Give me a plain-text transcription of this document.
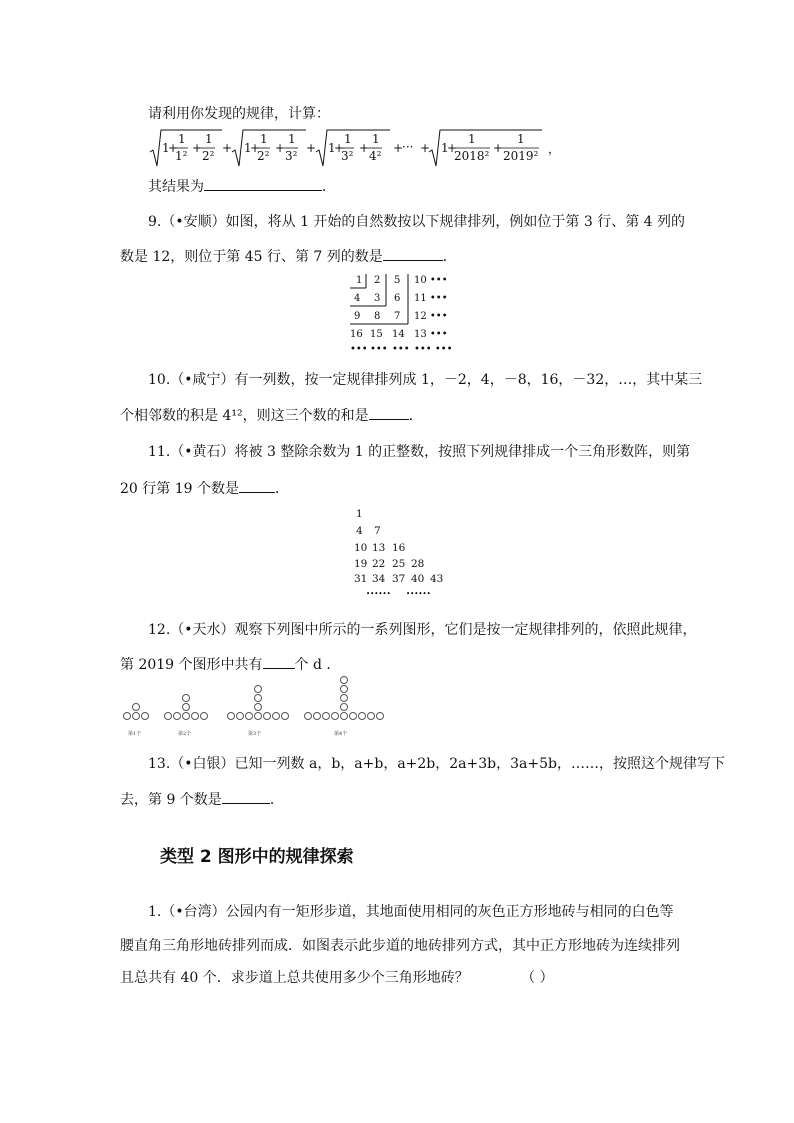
请利用你发现的规律，计算：
1
+
1
1²
+
1
2²
+ 1
+
1
2²
+
1
3²
+ 1
+
1
3²
+
1
4²
+
··· + 1
+
1
2018²
+
1
2019² ，
其结果为	．
9.（•安顺）如图，将从 1 开始的自然数按以下规律排列，例如位于第 3 行、第 4 列的
数是 12，则位于第 45 行、第 7 列的数是	．
1 2 5 10 •••
4 3 6 11 •••
9 8 7 12 •••
16 15 14 13 •••
••• ••• ••• ••• •••
10.（•咸宁）有一列数，按一定规律排列成 1，－2，4，－8，16，－32，…，其中某三
个相邻数的积是 4¹²，则这三个数的和是	．
11.（•黄石）将被 3 整除余数为 1 的正整数，按照下列规律排成一个三角形数阵，则第
20 行第 19 个数是	．
1
4 7
10 13 16
19 22 25 28
31 34 37 40 43
•••••• ••••••
12.（•天水）观察下列图中所示的一系列图形，它们是按一定规律排列的，依照此规律，
第 2019 个图形中共有 个 d ．
第1个	第2个	第3个	第4个
13.（•白银）已知一列数 a，b，a+b，a+2b，2a+3b，3a+5b，……，按照这个规律写下
去，第 9 个数是	．
类型 2 图形中的规律探索
1.（•台湾）公园内有一矩形步道，其地面使用相同的灰色正方形地砖与相同的白色等
腰直角三角形地砖排列而成．如图表示此步道的地砖排列方式，其中正方形地砖为连续排列
且总共有 40 个．求步道上总共使用多少个三角形地砖？	（ ）
